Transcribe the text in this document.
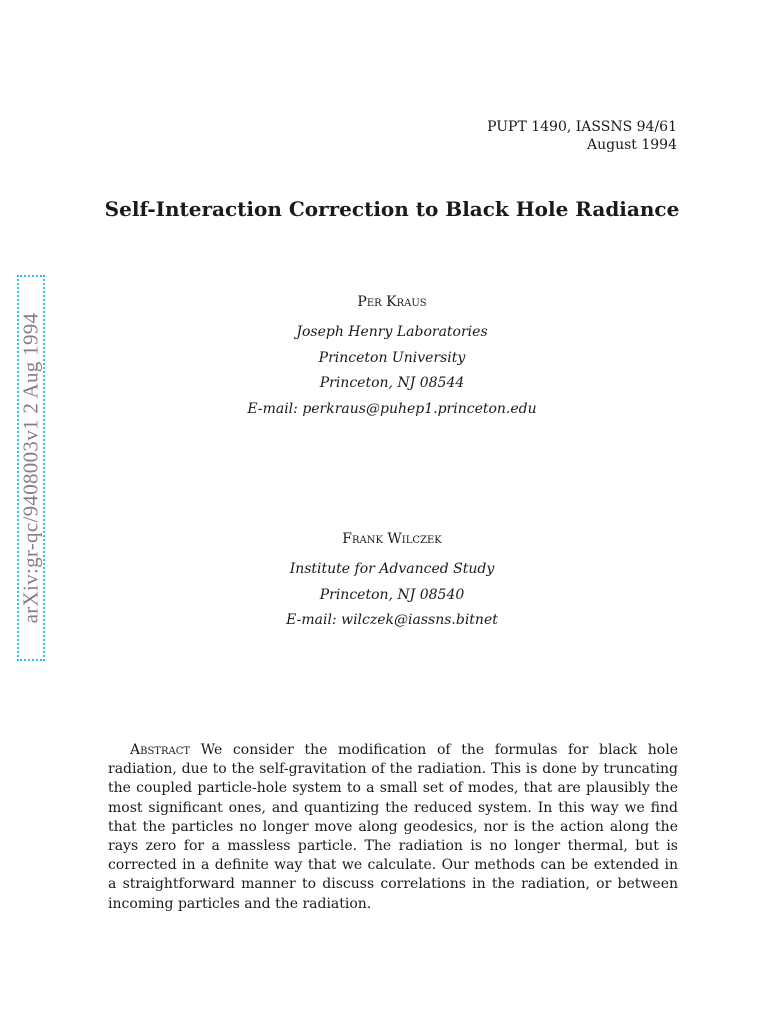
PUPT 1490, IASSNS 94/61
August 1994
Self-Interaction Correction to Black Hole Radiance
Per Kraus
Joseph Henry Laboratories
Princeton University
Princeton, NJ 08544
E-mail: perkraus@puhep1.princeton.edu
Frank Wilczek
Institute for Advanced Study
Princeton, NJ 08540
E-mail: wilczek@iassns.bitnet
arXiv:gr-qc/9408003v1 2 Aug 1994

Abstract We consider the modification of the formulas for black hole radiation, due to the self-gravitation of the radiation. This is done by truncating the coupled particle-hole system to a small set of modes, that are plausibly the most significant ones, and quantizing the reduced system. In this way we find that the particles no longer move along geodesics, nor is the action along the rays zero for a massless particle. The radiation is no longer thermal, but is corrected in a definite way that we calculate. Our methods can be extended in a straightforward manner to discuss correlations in the radiation, or between incoming particles and the radiation.
